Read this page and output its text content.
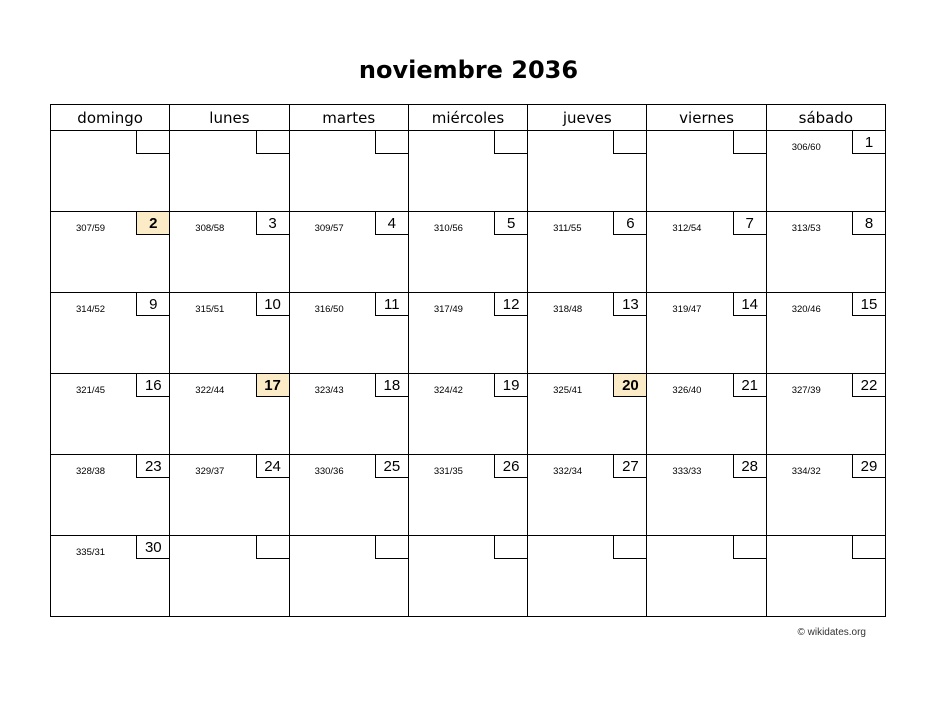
noviembre 2036
domingo	lunes	martes	miércoles	jueves	viernes	sábado

						306/60 1

307/59 2	308/58 3	309/57 4	310/56 5	311/55 6	312/54 7	313/53 8

314/52 9	315/51 10	316/50 11	317/49 12	318/48 13	319/47 14	320/46 15

321/45 16	322/44 17	323/43 18	324/42 19	325/41 20	326/40 21	327/39 22

328/38 23	329/37 24	330/36 25	331/35 26	332/34 27	333/33 28	334/32 29

335/31 30						

© wikidates.org
